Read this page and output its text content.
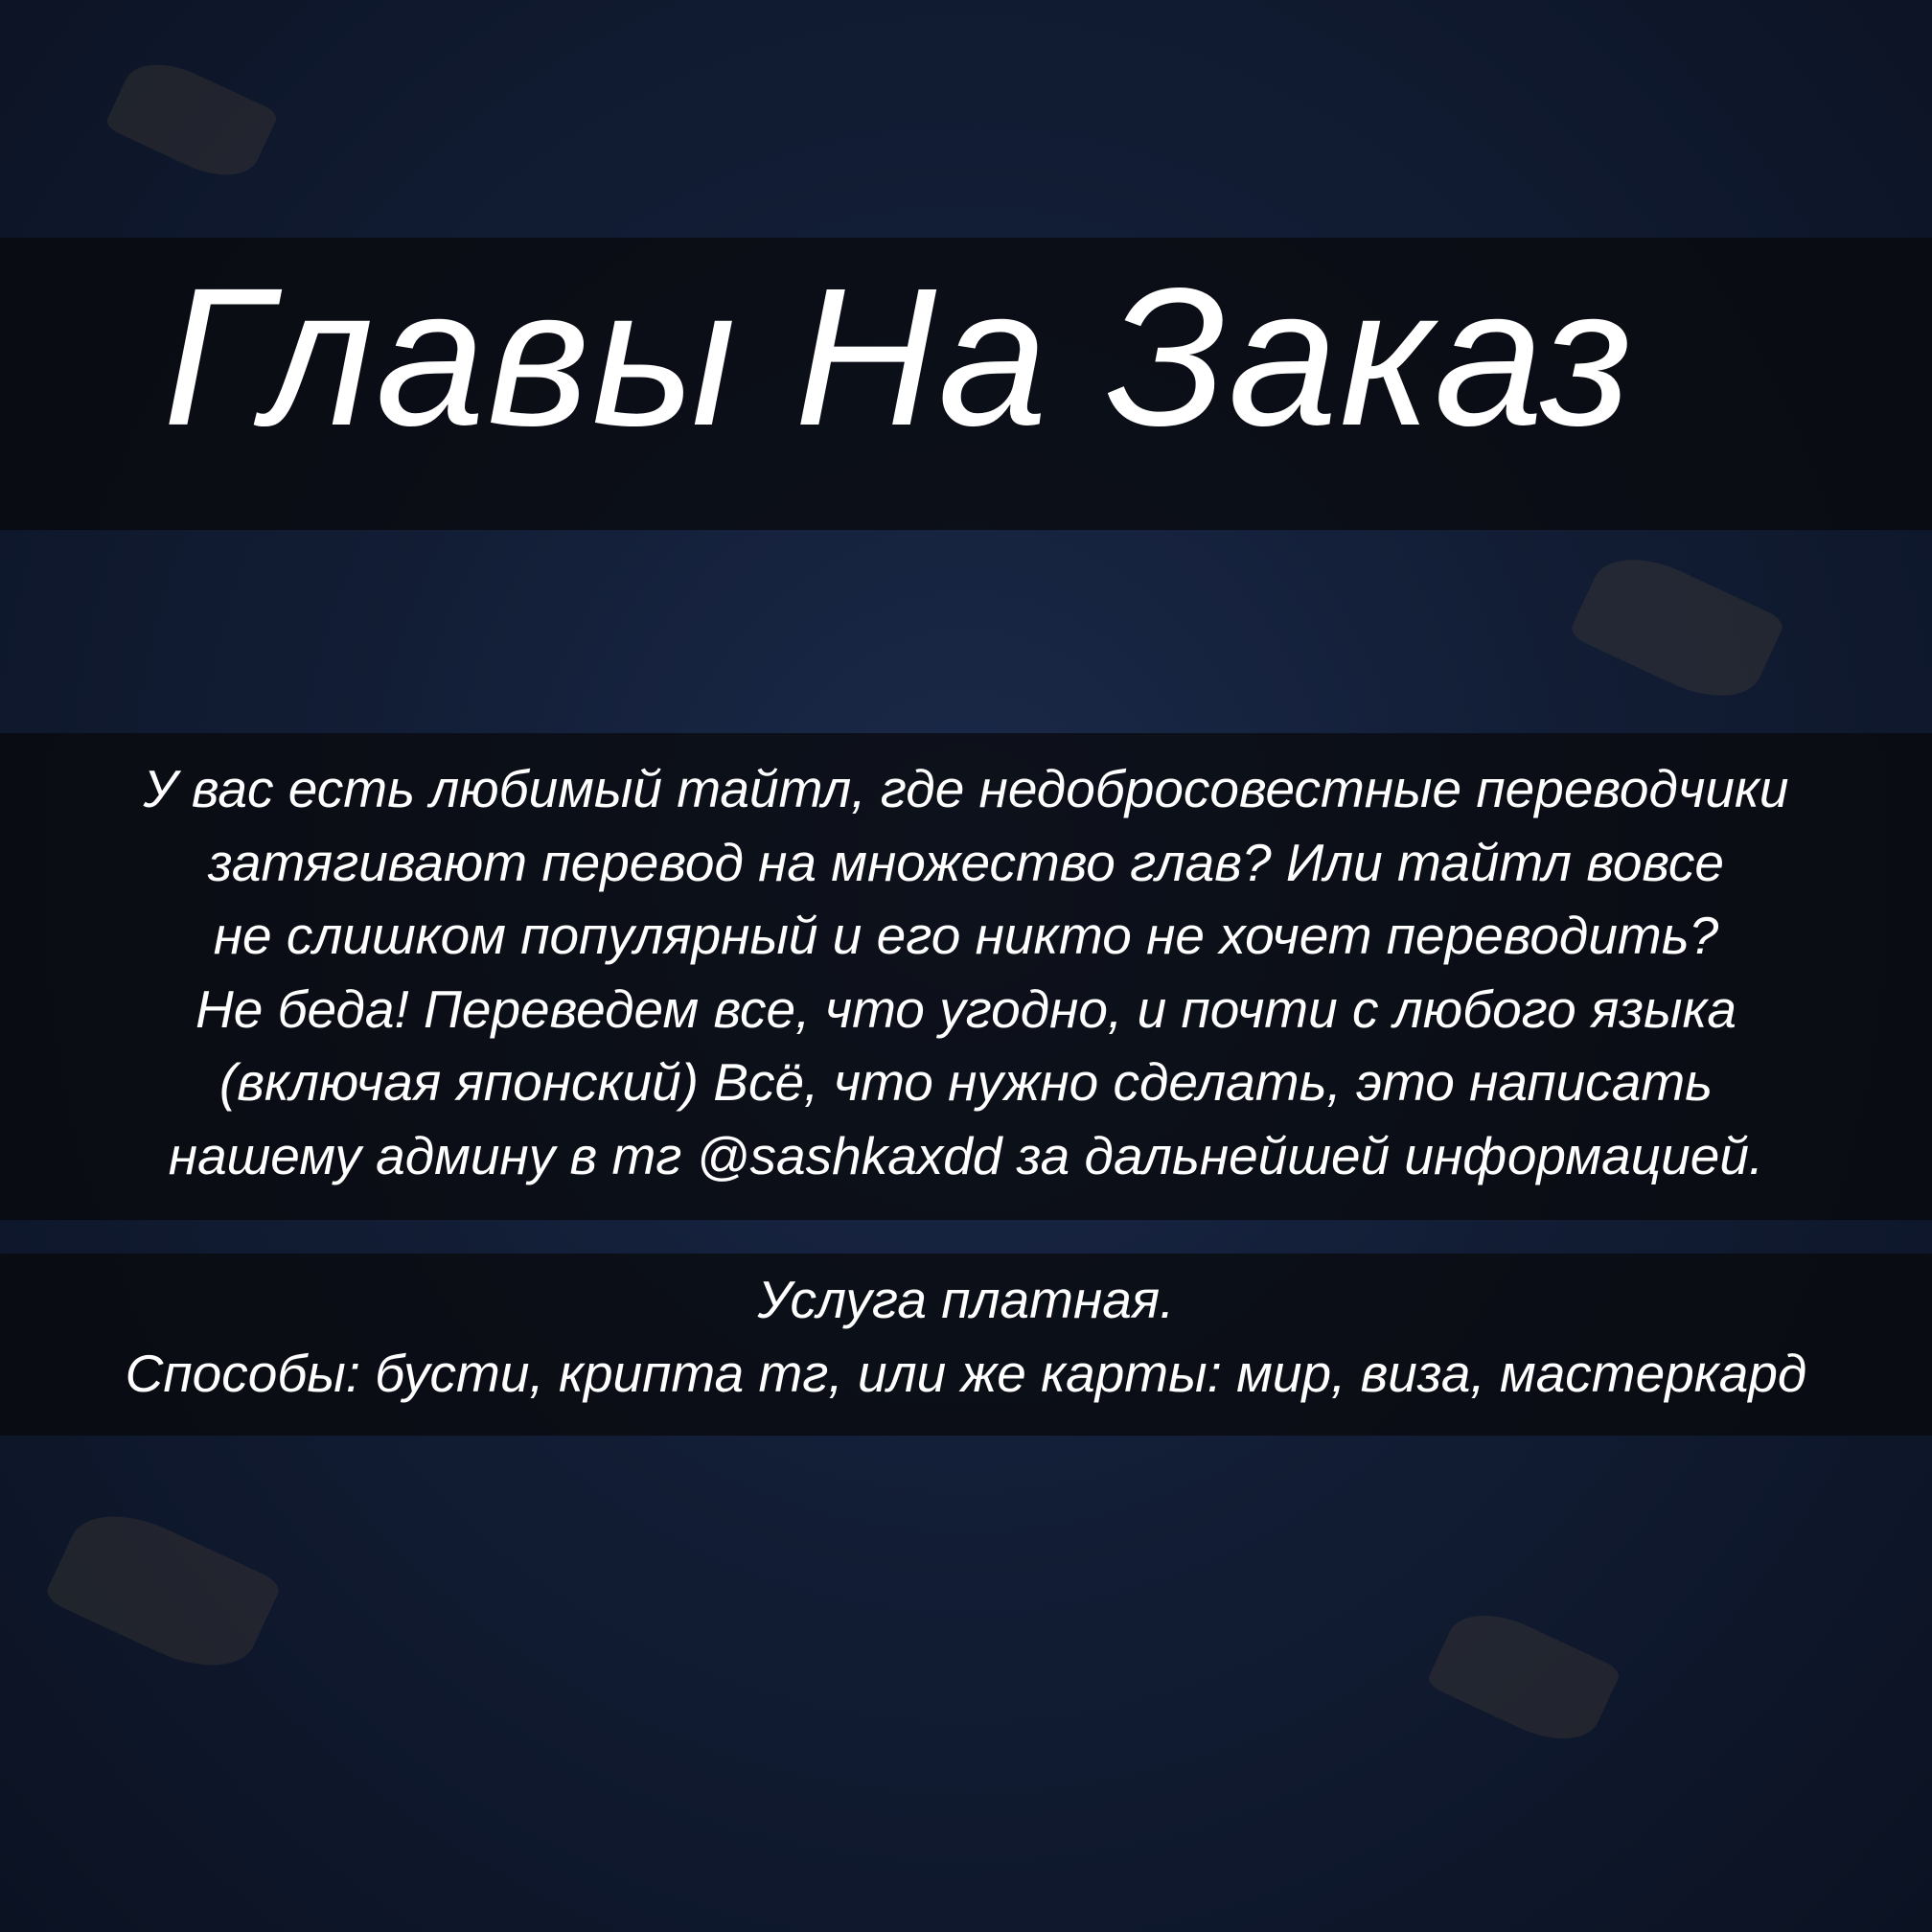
Главы На Заказ
У вас есть любимый тайтл, где недобросовестные переводчики
затягивают перевод на множество глав? Или тайтл вовсе
не слишком популярный и его никто не хочет переводить?
Не беда! Переведем все, что угодно, и почти с любого языка
(включая японский) Всё, что нужно сделать, это написать
нашему админу в тг @sashkaxdd за дальнейшей информацией.
Услуга платная.
Способы: бусти, крипта тг, или же карты: мир, виза, мастеркард
